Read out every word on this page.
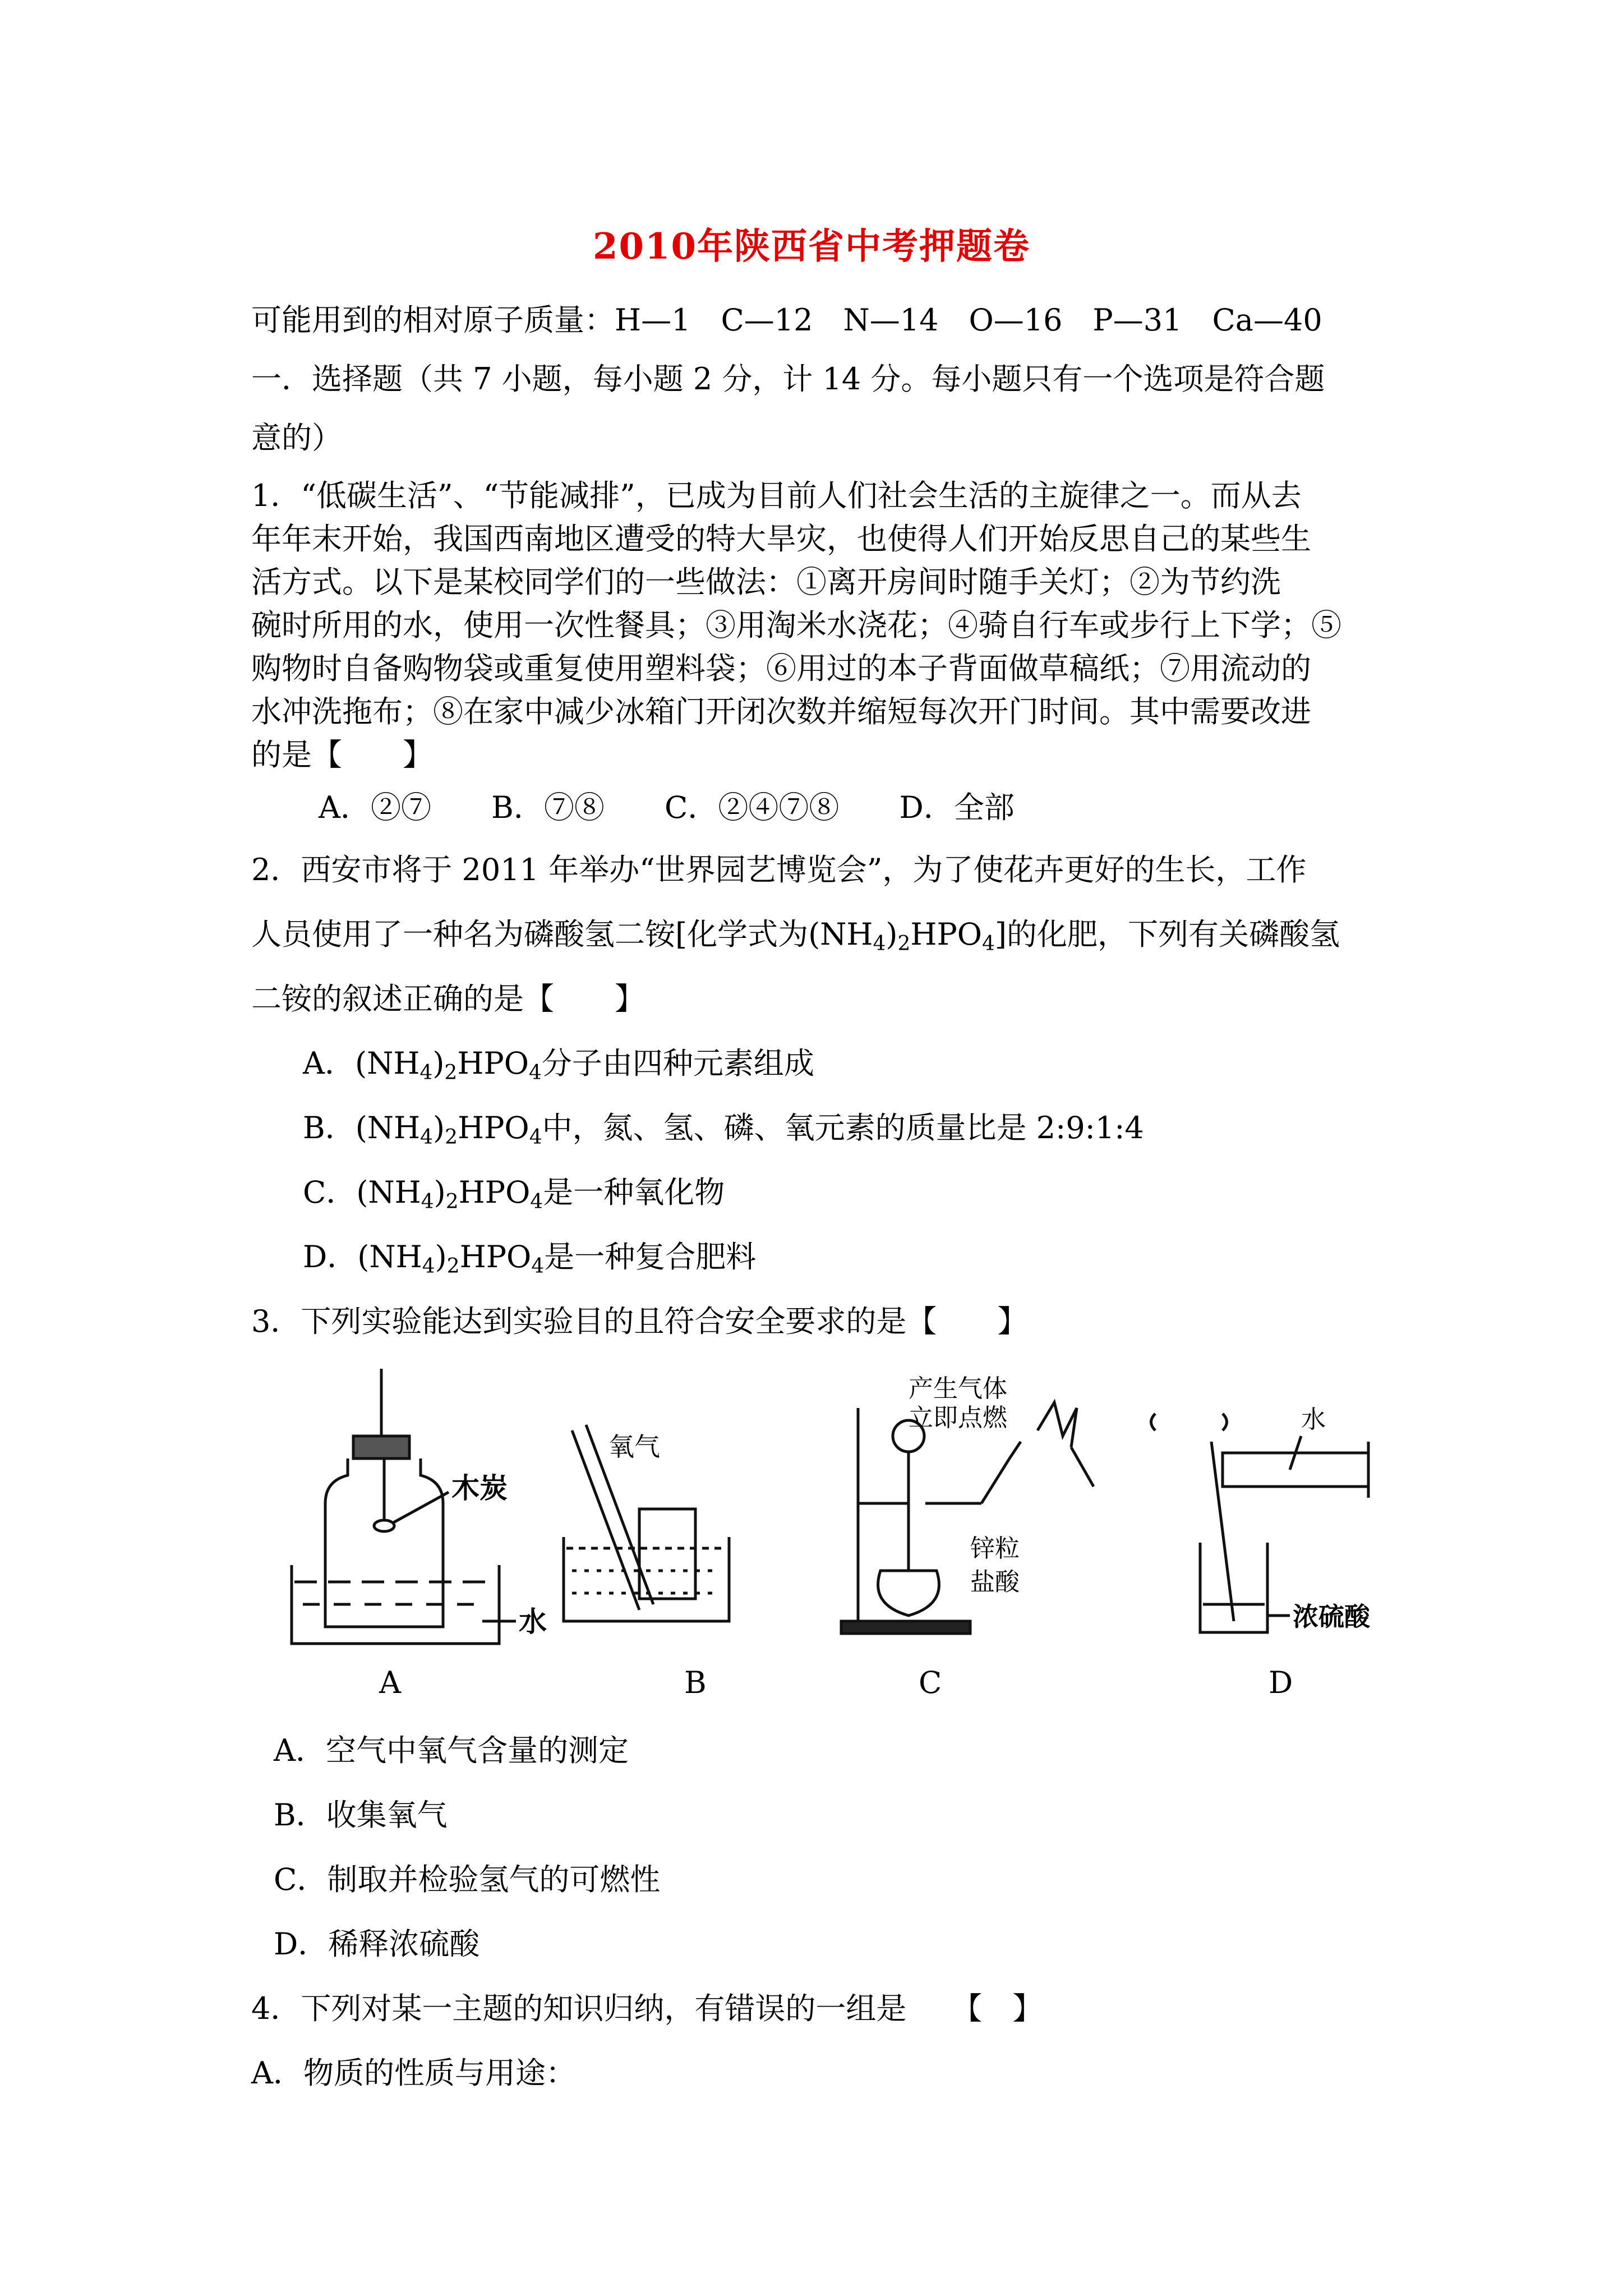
2010年陕西省中考押题卷
可能用到的相对原子质量：H—1　C—12　N—14　O—16　P—31　Ca—40
一．选择题（共 7 小题，每小题 2 分，计 14 分。每小题只有一个选项是符合题
意的）
1．“低碳生活”、“节能减排”，已成为目前人们社会生活的主旋律之一。而从去
年年末开始，我国西南地区遭受的特大旱灾，也使得人们开始反思自己的某些生
活方式。以下是某校同学们的一些做法：①离开房间时随手关灯；②为节约洗
碗时所用的水，使用一次性餐具；③用淘米水浇花；④骑自行车或步行上下学；⑤
购物时自备购物袋或重复使用塑料袋；⑥用过的本子背面做草稿纸；⑦用流动的
水冲洗拖布；⑧在家中减少冰箱门开闭次数并缩短每次开门时间。其中需要改进
的是【　　】
A．②⑦ B．⑦⑧ C．②④⑦⑧ D．全部
2．西安市将于 2011 年举办“世界园艺博览会”，为了使花卉更好的生长，工作
人员使用了一种名为磷酸氢二铵[化学式为$(NH_4)_2HPO_4$]的化肥，下列有关磷酸氢
二铵的叙述正确的是【　　】
A．$(NH_4)_2HPO_4$分子由四种元素组成
B．$(NH_4)_2HPO_4$中，氮、氢、磷、氧元素的质量比是 2:9:1:4
C．$(NH_4)_2HPO_4$是一种氧化物
D．$(NH_4)_2HPO_4$是一种复合肥料
3．下列实验能达到实验目的且符合安全要求的是【　　】
木炭
水
氧气
产生气体
立即点燃
锌粒
盐酸
水
浓硫酸
A	B	C	D
A．空气中氧气含量的测定
B．收集氧气
C．制取并检验氢气的可燃性
D．稀释浓硫酸
4．下列对某一主题的知识归纳，有错误的一组是　　【　】
A．物质的性质与用途：
